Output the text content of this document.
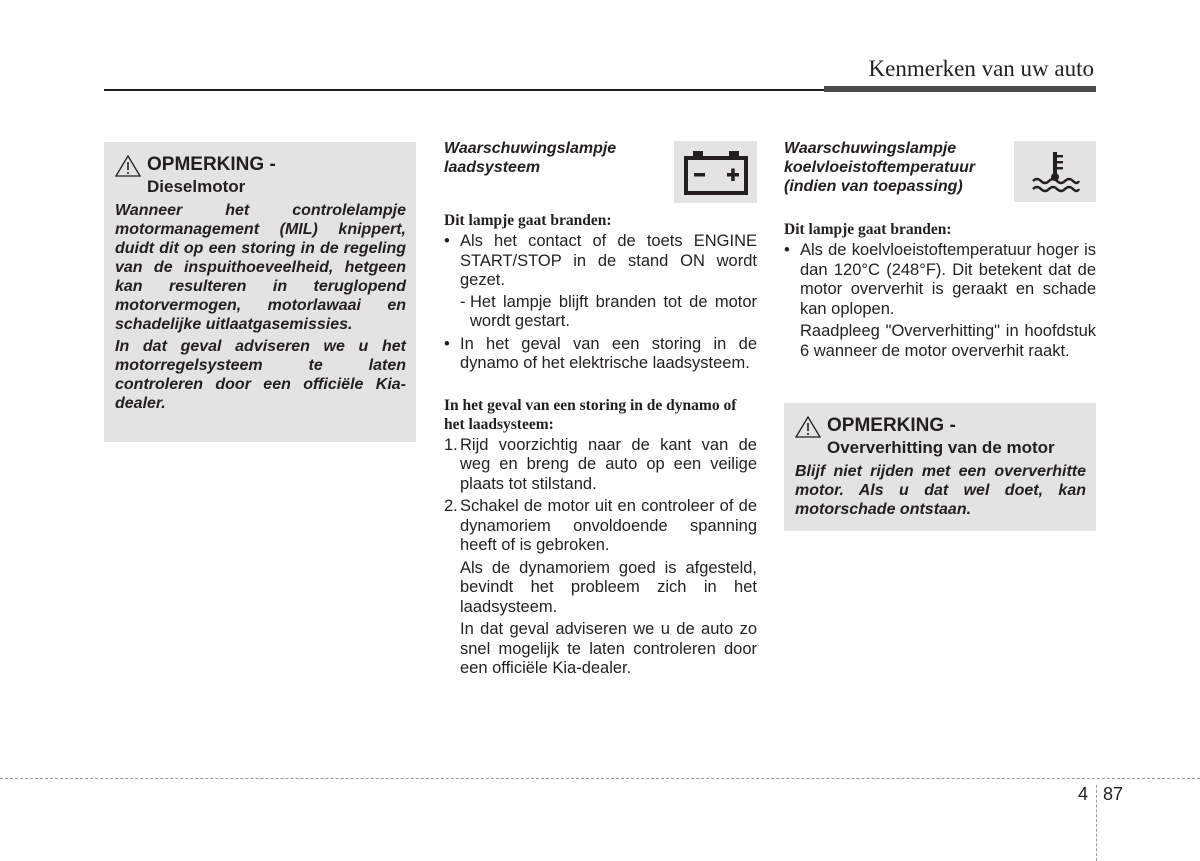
Kenmerken van uw auto
OPMERKING -
Dieselmotor

Wanneer het controlelampje motormanagement (MIL) knippert, duidt dit op een storing in de regeling van de inspuithoeveelheid, hetgeen kan resulteren in teruglopend motorvermogen, motorlawaai en schadelijke uitlaatgasemissies.

In dat geval adviseren we u het motorregelsysteem te laten controleren door een officiële Kia-dealer.

Waarschuwingslampje laadsysteem
Dit lampje gaat branden:
• Als het contact of de toets ENGINE START/STOP in de stand ON wordt gezet.
- Het lampje blijft branden tot de motor wordt gestart.
• In het geval van een storing in de dynamo of het elektrische laadsysteem.
In het geval van een storing in de dynamo of het laadsysteem:
1. Rijd voorzichtig naar de kant van de weg en breng de auto op een veilige plaats tot stilstand.
2. Schakel de motor uit en controleer of de dynamoriem onvoldoende spanning heeft of is gebroken.
Als de dynamoriem goed is afgesteld, bevindt het probleem zich in het laadsysteem.
In dat geval adviseren we u de auto zo snel mogelijk te laten controleren door een officiële Kia-dealer.
Waarschuwingslampje koelvloeistoftemperatuur (indien van toepassing)
Dit lampje gaat branden:
• Als de koelvloeistoftemperatuur hoger is dan 120°C (248°F). Dit betekent dat de motor oververhit is geraakt en schade kan oplopen.
Raadpleeg "Oververhitting" in hoofdstuk 6 wanneer de motor oververhit raakt.
OPMERKING -
Oververhitting van de motor

Blijf niet rijden met een oververhitte motor. Als u dat wel doet, kan motorschade ontstaan.

4 87
